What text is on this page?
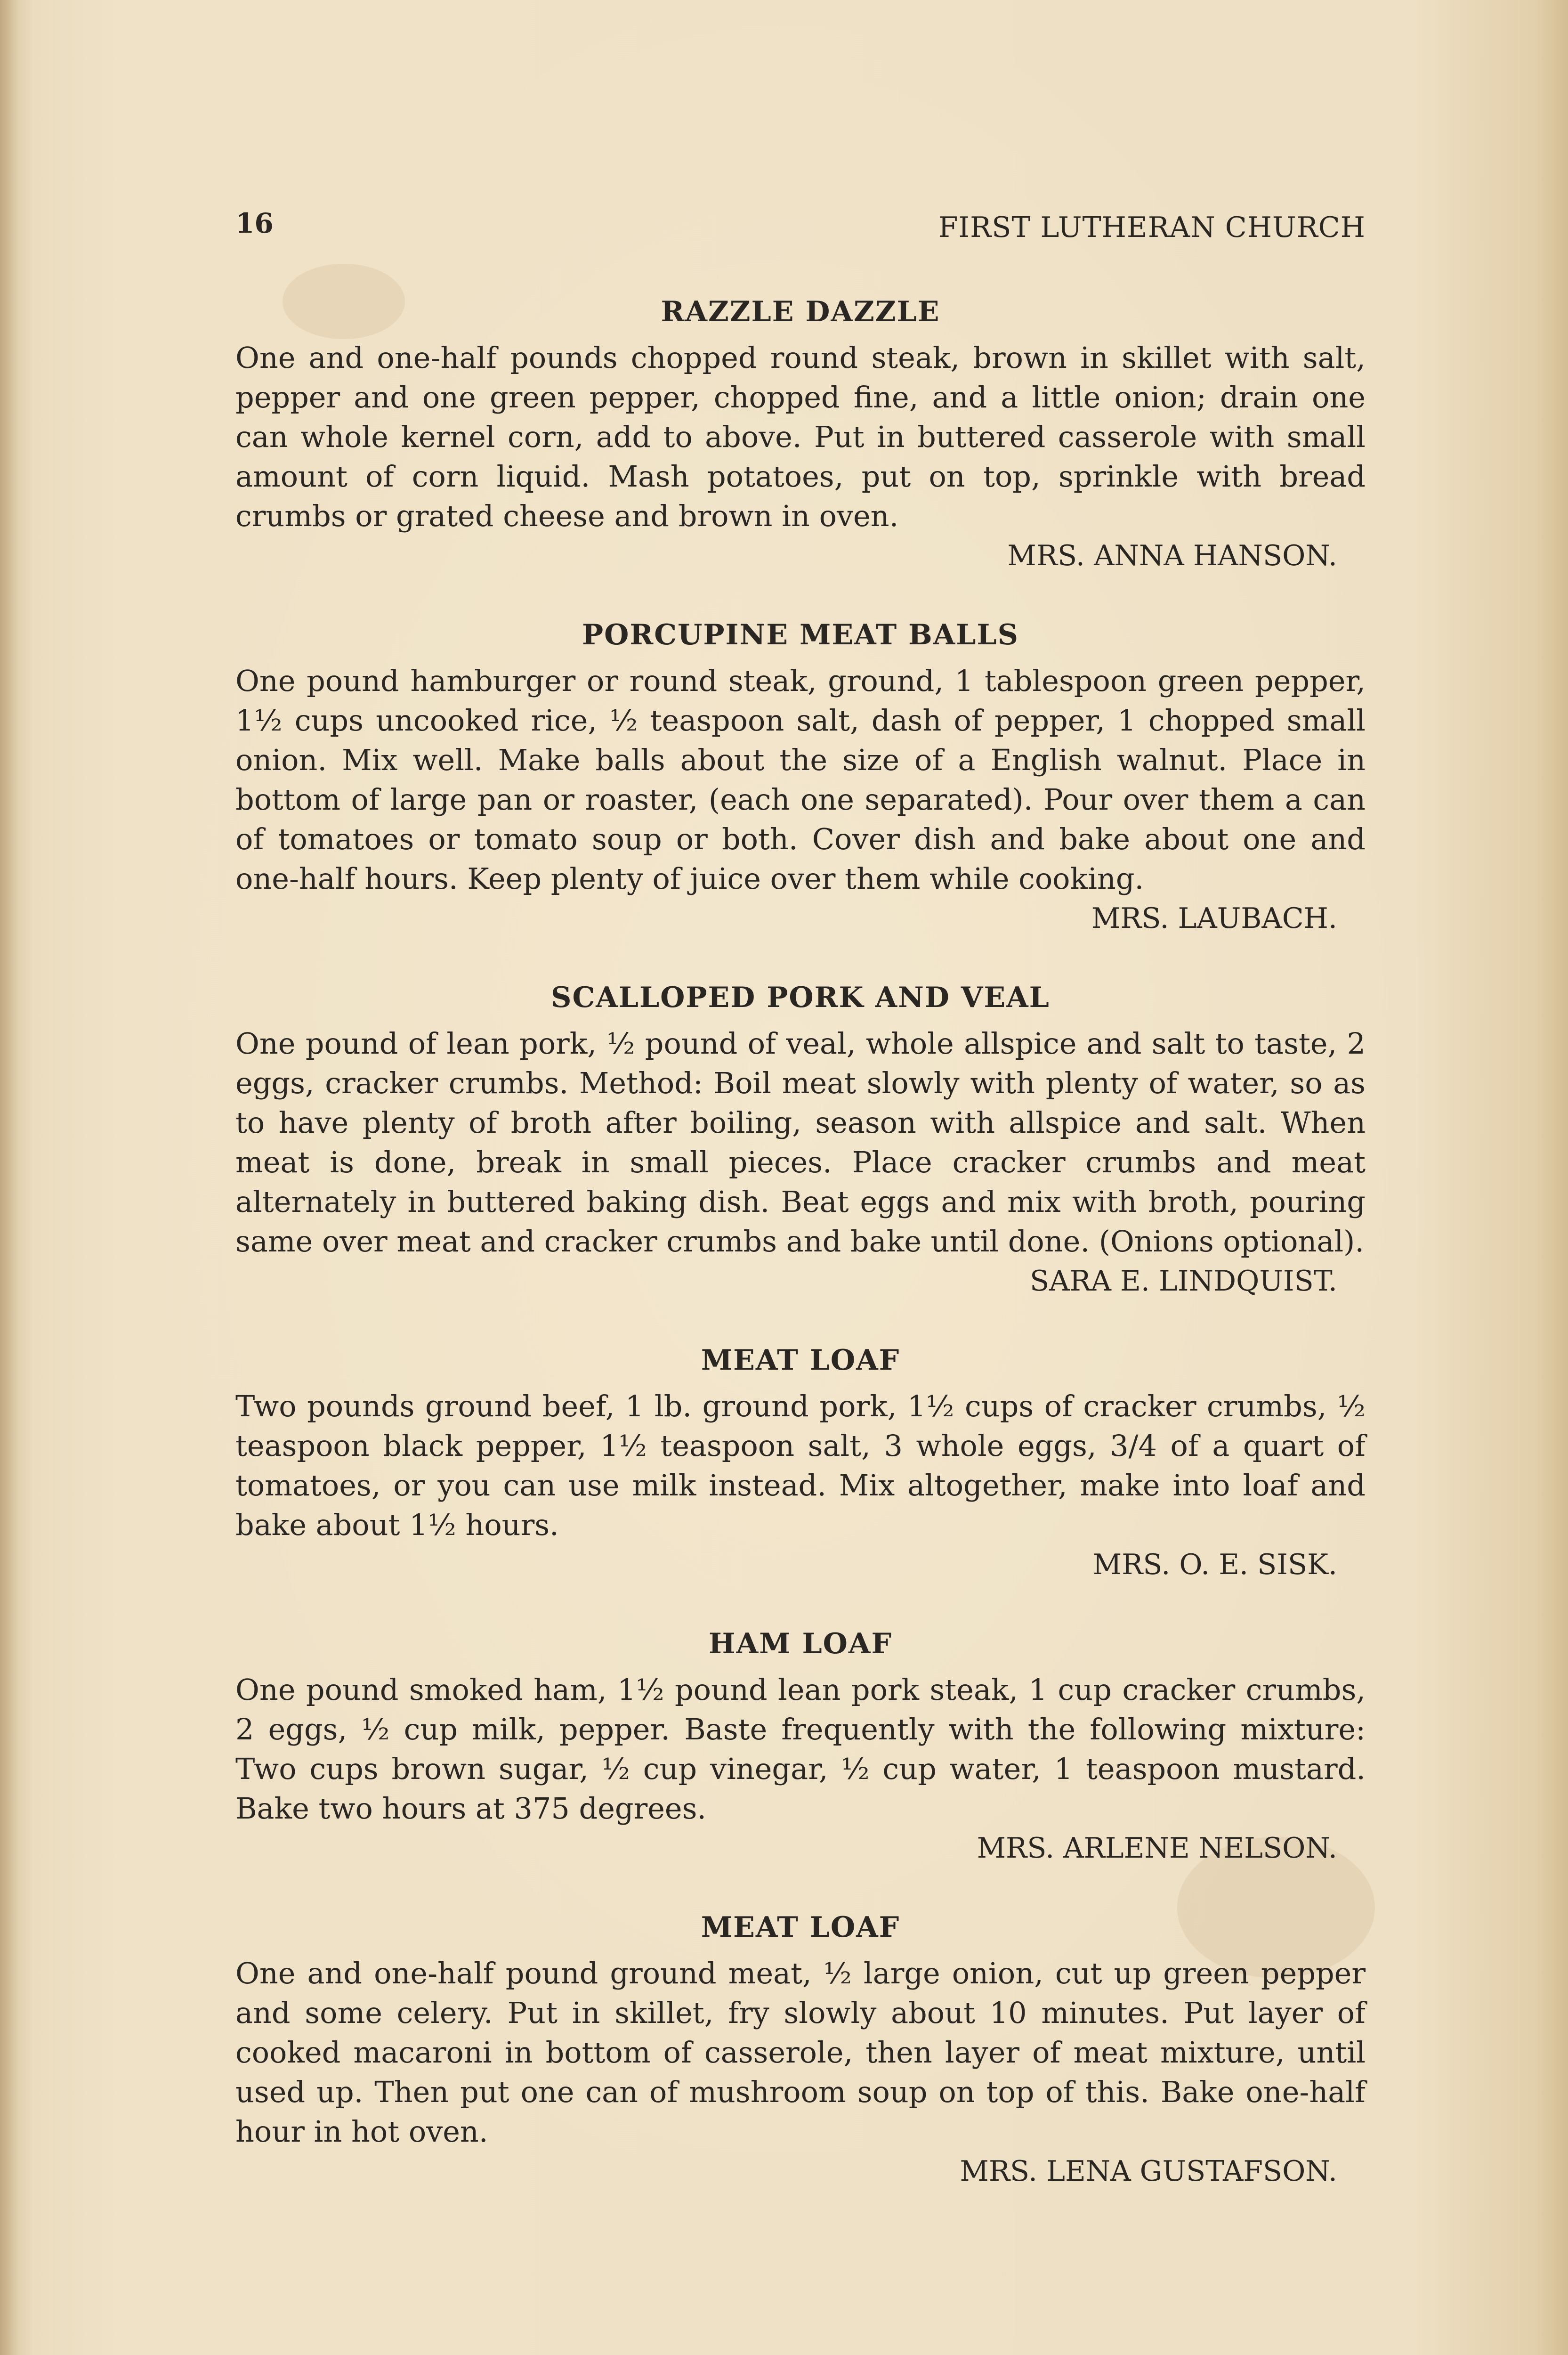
16	FIRST LUTHERAN CHURCH

RAZZLE DAZZLE

One and one-half pounds chopped round steak, brown in skillet with salt, pepper and one green pepper, chopped fine, and a little onion; drain one can whole kernel corn, add to above. Put in buttered casserole with small amount of corn liquid. Mash potatoes, put on top, sprinkle with bread crumbs or grated cheese and brown in oven.

MRS. ANNA HANSON.

PORCUPINE MEAT BALLS

One pound hamburger or round steak, ground, 1 tablespoon green pepper, 1½ cups uncooked rice, ½ teaspoon salt, dash of pepper, 1 chopped small onion. Mix well. Make balls about the size of a English walnut. Place in bottom of large pan or roaster, (each one separated). Pour over them a can of tomatoes or tomato soup or both. Cover dish and bake about one and one-half hours. Keep plenty of juice over them while cooking.

MRS. LAUBACH.

SCALLOPED PORK AND VEAL

One pound of lean pork, ½ pound of veal, whole allspice and salt to taste, 2 eggs, cracker crumbs. Method: Boil meat slowly with plenty of water, so as to have plenty of broth after boiling, season with allspice and salt. When meat is done, break in small pieces. Place cracker crumbs and meat alternately in buttered baking dish. Beat eggs and mix with broth, pouring same over meat and cracker crumbs and bake until done. (Onions optional).

SARA E. LINDQUIST.

MEAT LOAF

Two pounds ground beef, 1 lb. ground pork, 1½ cups of cracker crumbs, ½ teaspoon black pepper, 1½ teaspoon salt, 3 whole eggs, 3/4 of a quart of tomatoes, or you can use milk instead. Mix altogether, make into loaf and bake about 1½ hours.

MRS. O. E. SISK.

HAM LOAF

One pound smoked ham, 1½ pound lean pork steak, 1 cup cracker crumbs, 2 eggs, ½ cup milk, pepper. Baste frequently with the following mixture: Two cups brown sugar, ½ cup vinegar, ½ cup water, 1 teaspoon mustard. Bake two hours at 375 degrees.

MRS. ARLENE NELSON.

MEAT LOAF

One and one-half pound ground meat, ½ large onion, cut up green pepper and some celery. Put in skillet, fry slowly about 10 minutes. Put layer of cooked macaroni in bottom of casserole, then layer of meat mixture, until used up. Then put one can of mushroom soup on top of this. Bake one-half hour in hot oven.

MRS. LENA GUSTAFSON.
